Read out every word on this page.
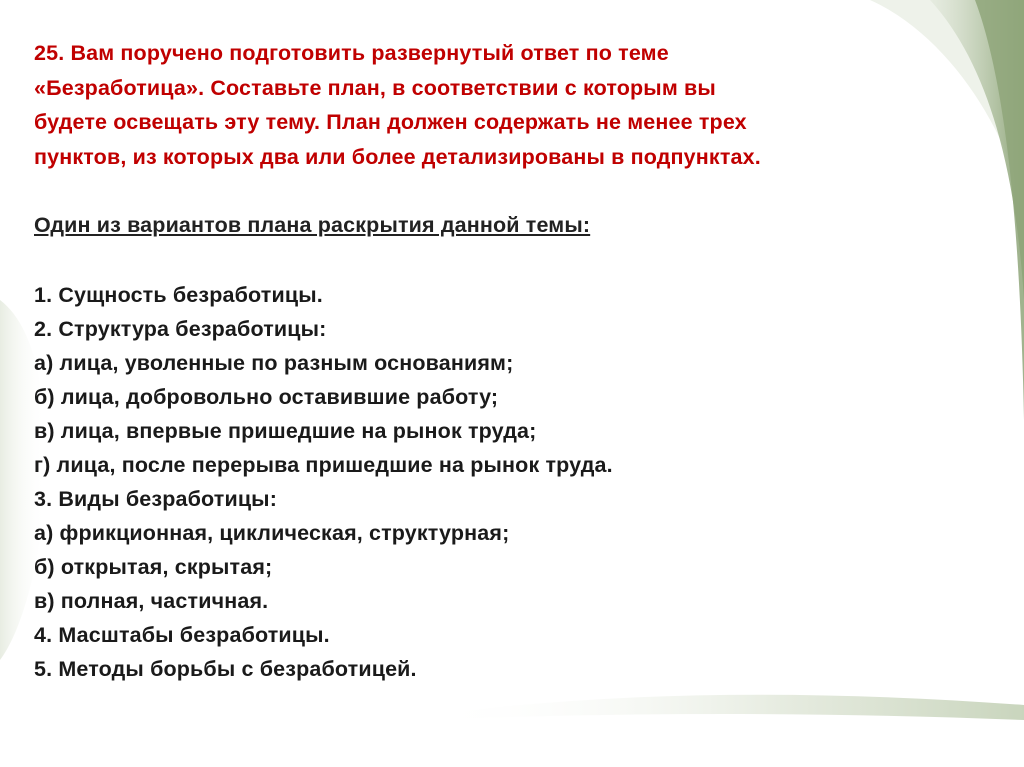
25. Вам поручено подготовить развернутый ответ по теме
«Безработица». Составьте план, в соответствии с которым вы
будете освещать эту тему. План должен содержать не менее трех
пунктов, из которых два или более детализированы в подпунктах.

Один из вариантов плана раскрытия данной темы:
1. Сущность безработицы.
2. Структура безработицы:
а) лица, уволенные по разным основаниям;
б) лица, добровольно оставившие работу;
в) лица, впервые пришедшие на рынок труда;
г) лица, после перерыва пришедшие на рынок труда.
3. Виды безработицы:
а) фрикционная, циклическая, структурная;
б) открытая, скрытая;
в) полная, частичная.
4. Масштабы безработицы.
5. Методы борьбы с безработицей.
